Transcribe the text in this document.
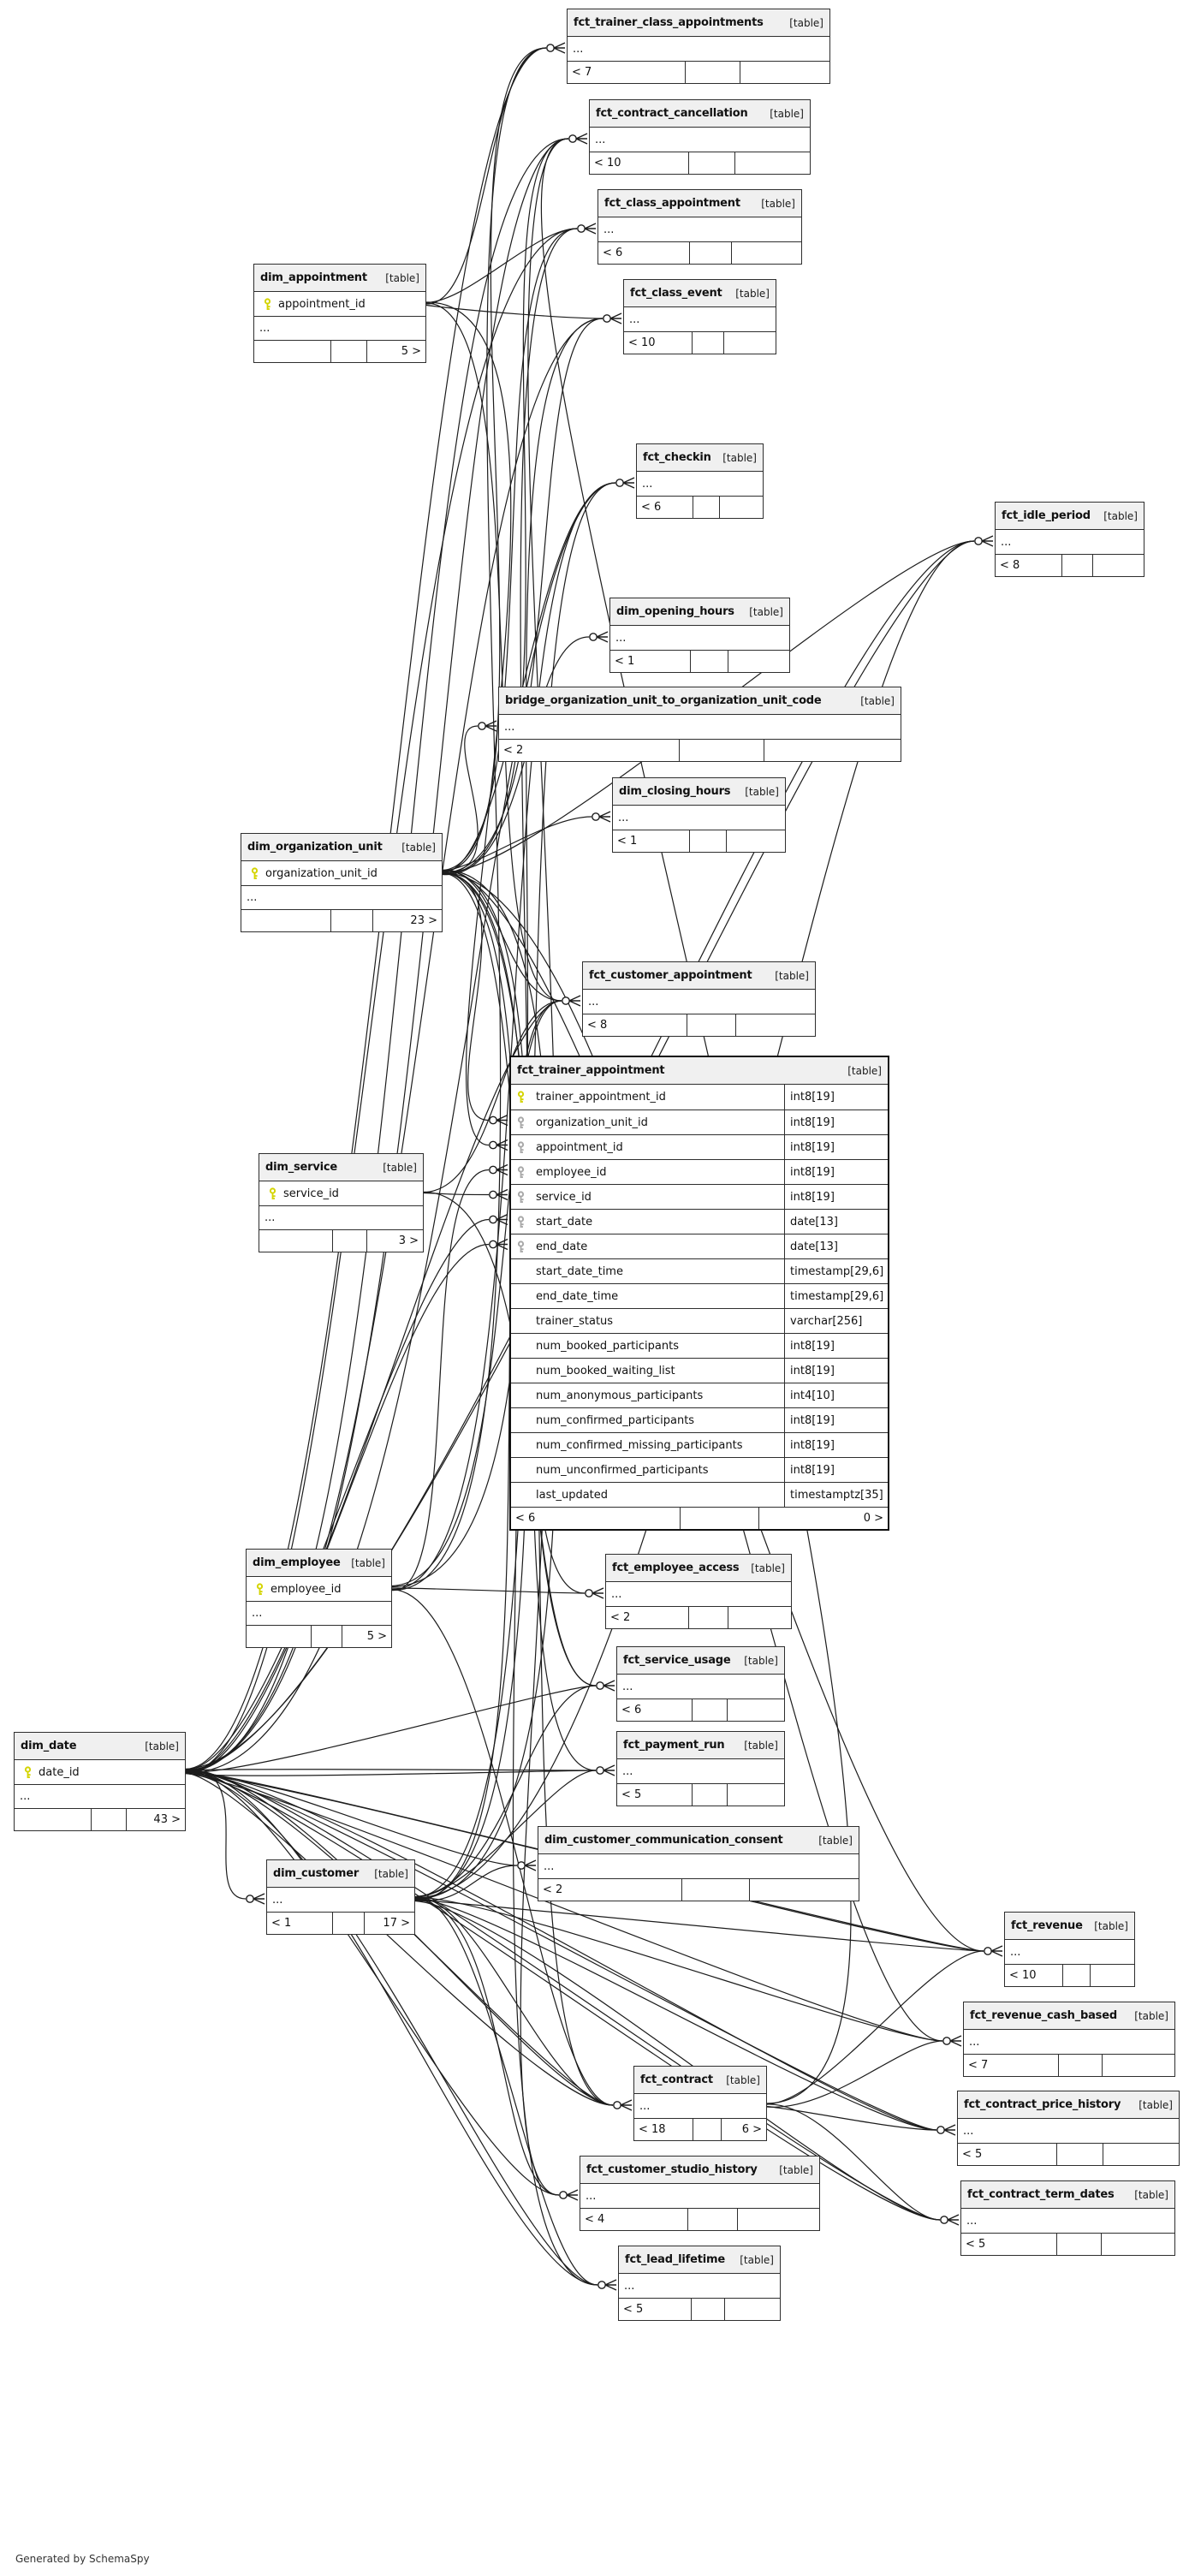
Generated by SchemaSpy
fct_trainer_class_appointments	[table]
...
< 7
fct_contract_cancellation [table]
...
< 10
fct_class_appointment [table]
...
< 6
dim_appointment [table]
appointment_id
...
5 >
fct_class_event [table]
...
< 10
fct_checkin [table]
...
< 6
fct_idle_period [table]
...
< 8
dim_opening_hours [table]
...
< 1
bridge_organization_unit_to_organization_unit_code	[table]
...
< 2
dim_closing_hours [table]
...
< 1
dim_organization_unit [table]
organization_unit_id
...
23 >
fct_customer_appointment [table]
...
< 8
fct_trainer_appointment	[table]
trainer_appointment_id	int8[19]
organization_unit_id	int8[19]
appointment_id	int8[19]
employee_id	int8[19]
service_id	int8[19]
start_date	date[13]
end_date	date[13]
start_date_time	timestamp[29,6]
end_date_time	timestamp[29,6]
trainer_status	varchar[256]
num_booked_participants	int8[19]
num_booked_waiting_list	int8[19]
num_anonymous_participants	int4[10]
num_confirmed_participants	int8[19]
num_confirmed_missing_participants	int8[19]
num_unconfirmed_participants	int8[19]
last_updated	timestamptz[35]
< 6	0 >
dim_service	[table]
service_id
...
3 >
dim_employee [table]
employee_id
...
5 >
fct_employee_access [table]
...
< 2
fct_service_usage [table]
...
< 6
fct_payment_run [table]
...
< 5
dim_date	[table]
date_id
...
43 >
dim_customer_communication_consent	[table]
...
< 2
dim_customer [table]
...
< 1	17 >	fct_revenue [table]
...
< 10
fct_revenue_cash_based [table]
...
< 7
fct_contract_price_history [table]
...
< 5
fct_contract_term_dates [table]
...
< 5
fct_contract [table]
...
< 18	6 >
fct_customer_studio_history [table]
...
< 4
fct_lead_lifetime [table]
...
< 5
